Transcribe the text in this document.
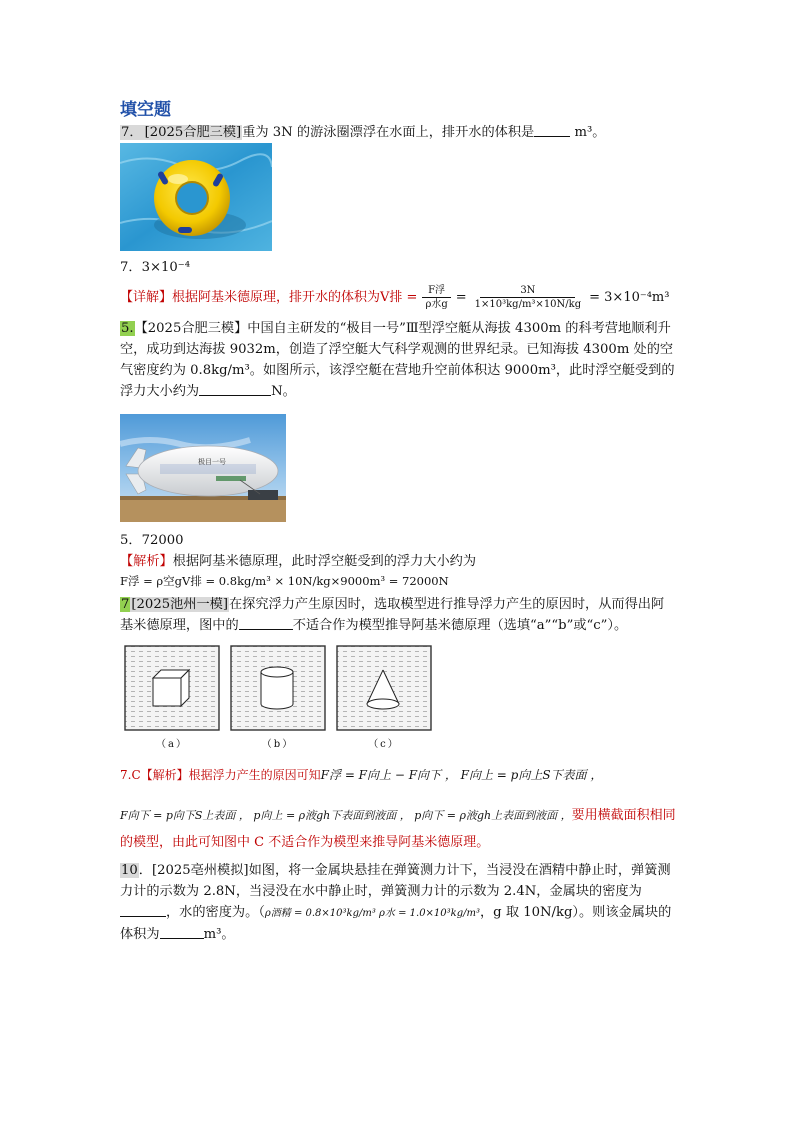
填空题

7． [2025合肥三模]重为 3N 的游泳圈漂浮在水面上，排开水的体积是	m³。

7．3×10⁻⁴

【详解】根据阿基米德原理，排开水的体积为V排 = $\frac{\text{F浮}}{\text{ρ水g}} = \frac{3N}{\text{1×10³kg/m³×10N/kg}} = 3\times 10^{-4}m^3$

5.【2025合肥三模】中国自主研发的“极目一号”Ⅲ型浮空艇从海拔 4300m 的科考营地顺利升空，成功到达海拔 9032m，创造了浮空艇大气科学观测的世界纪录。已知海拔 4300m 处的空气密度约为 0.8kg/m³。如图所示，该浮空艇在营地升空前体积达 9000m³，此时浮空艇受到的浮力大小约为	N。

极目一号

5．72000

【解析】根据阿基米德原理，此时浮空艇受到的浮力大小约为

F浮 = ρ空gV排 = 0.8kg/m³ × 10N/kg×9000m³ = 72000N

7 [2025池州一模]在探究浮力产生原因时，选取模型进行推导浮力产生的原因时，从而得出阿基米德原理，图中的	不适合作为模型推导阿基米德原理（选填“a”“b”或“c”）。

（a）	（b）	（c）

7.C【解析】根据浮力产生的原因可知F浮 = F向上 − F向下 ， F向上 = p向上S下表面 ，

F向下 = p向下S上表面 ， p向上 = ρ液gh下表面到液面 ， p向下 = ρ液gh上表面到液面 ，要用横截面积相同的模型，由此可知图中 C 不适合作为模型来推导阿基米德原理。

10．[2025亳州模拟]如图，将一金属块悬挂在弹簧测力计下，当浸没在酒精中静止时，弹簧测力计的示数为 2.8N，当浸没在水中静止时，弹簧测力计的示数为 2.4N，金属块的密度为，水的密度为。（ρ酒精 = 0.8×10³kg/m³ ρ水 = 1.0×10³kg/m³，g 取 10N/kg）。则该金属块的体积为	m³。
